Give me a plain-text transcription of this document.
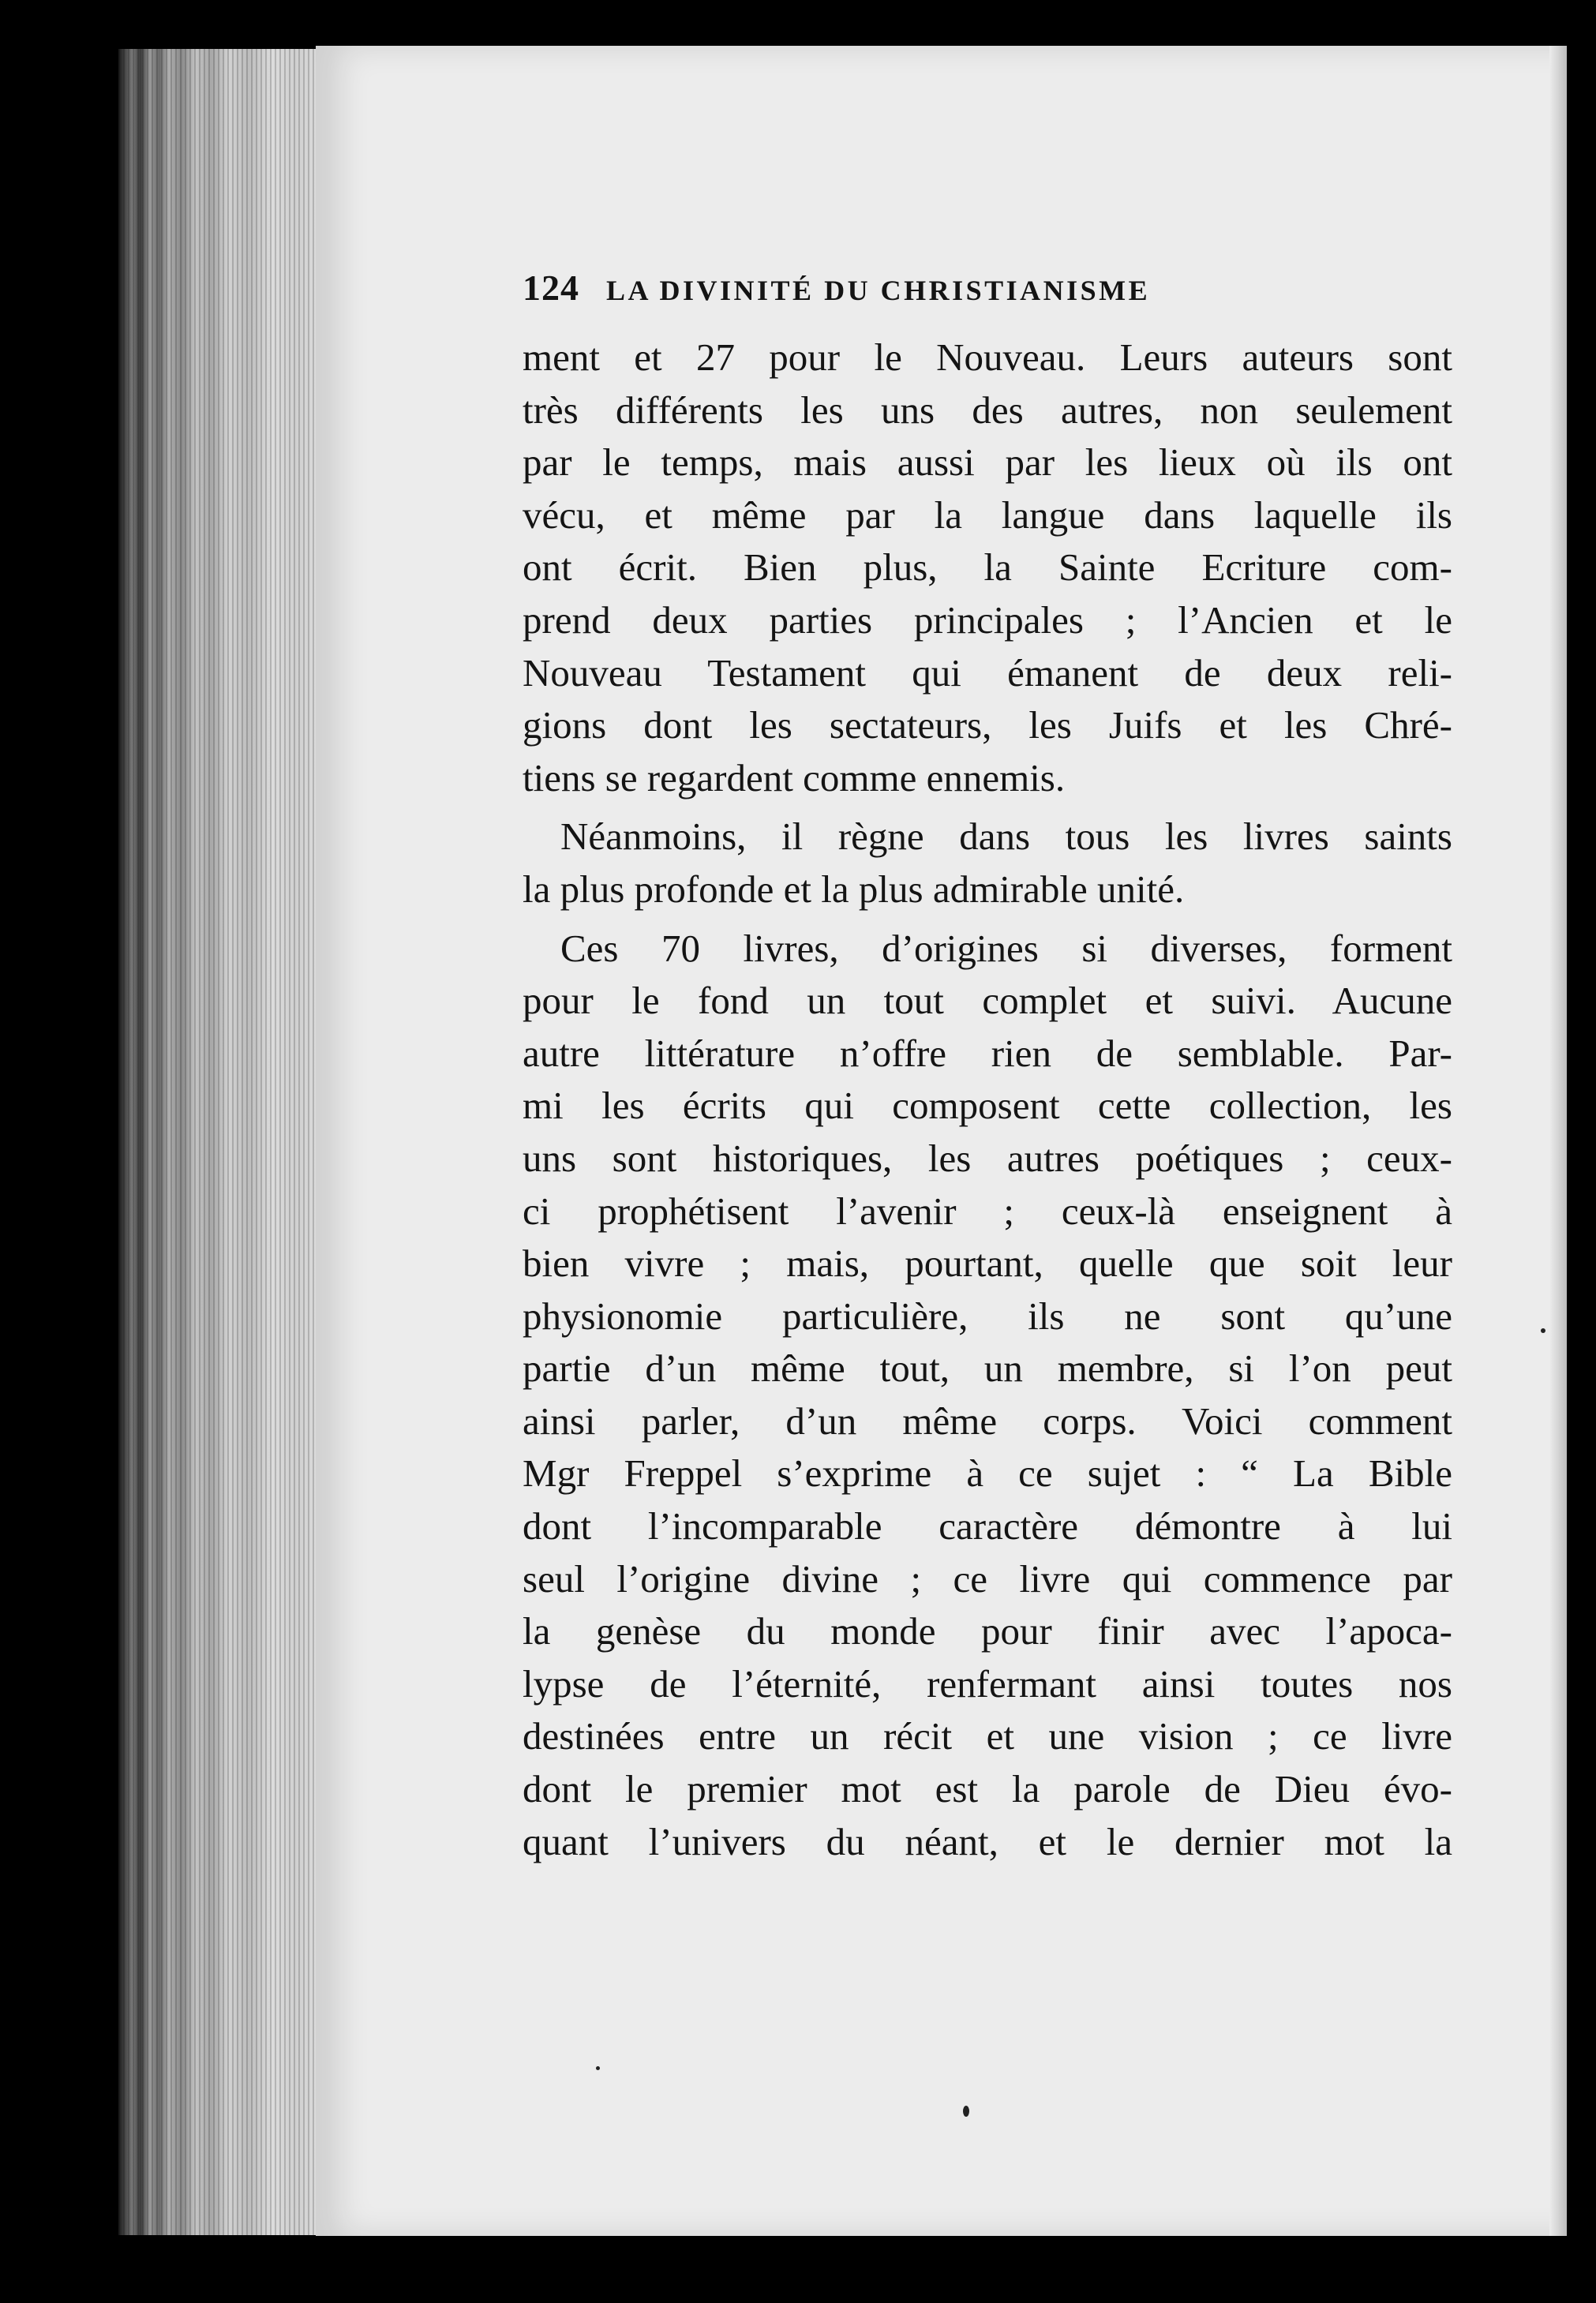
124 LA DIVINITÉ DU CHRISTIANISME
ment et 27 pour le Nouveau. Leurs auteurs sont
très différents les uns des autres, non seulement
par le temps, mais aussi par les lieux où ils ont
vécu, et même par la langue dans laquelle ils
ont écrit. Bien plus, la Sainte Ecriture com-
prend deux parties principales ; l’Ancien et le
Nouveau Testament qui émanent de deux reli-
gions dont les sectateurs, les Juifs et les Chré-
tiens se regardent comme ennemis.
Néanmoins, il règne dans tous les livres saints
la plus profonde et la plus admirable unité.
Ces 70 livres, d’origines si diverses, forment
pour le fond un tout complet et suivi. Aucune
autre littérature n’offre rien de semblable. Par-
mi les écrits qui composent cette collection, les
uns sont historiques, les autres poétiques ; ceux-
ci prophétisent l’avenir ; ceux-là enseignent à
bien vivre ; mais, pourtant, quelle que soit leur
physionomie particulière, ils ne sont qu’une
partie d’un même tout, un membre, si l’on peut
ainsi parler, d’un même corps. Voici comment
Mgr Freppel s’exprime à ce sujet : “ La Bible
dont l’incomparable caractère démontre à lui
seul l’origine divine ; ce livre qui commence par
la genèse du monde pour finir avec l’apoca-
lypse de l’éternité, renfermant ainsi toutes nos
destinées entre un récit et une vision ; ce livre
dont le premier mot est la parole de Dieu évo-
quant l’univers du néant, et le dernier mot la
